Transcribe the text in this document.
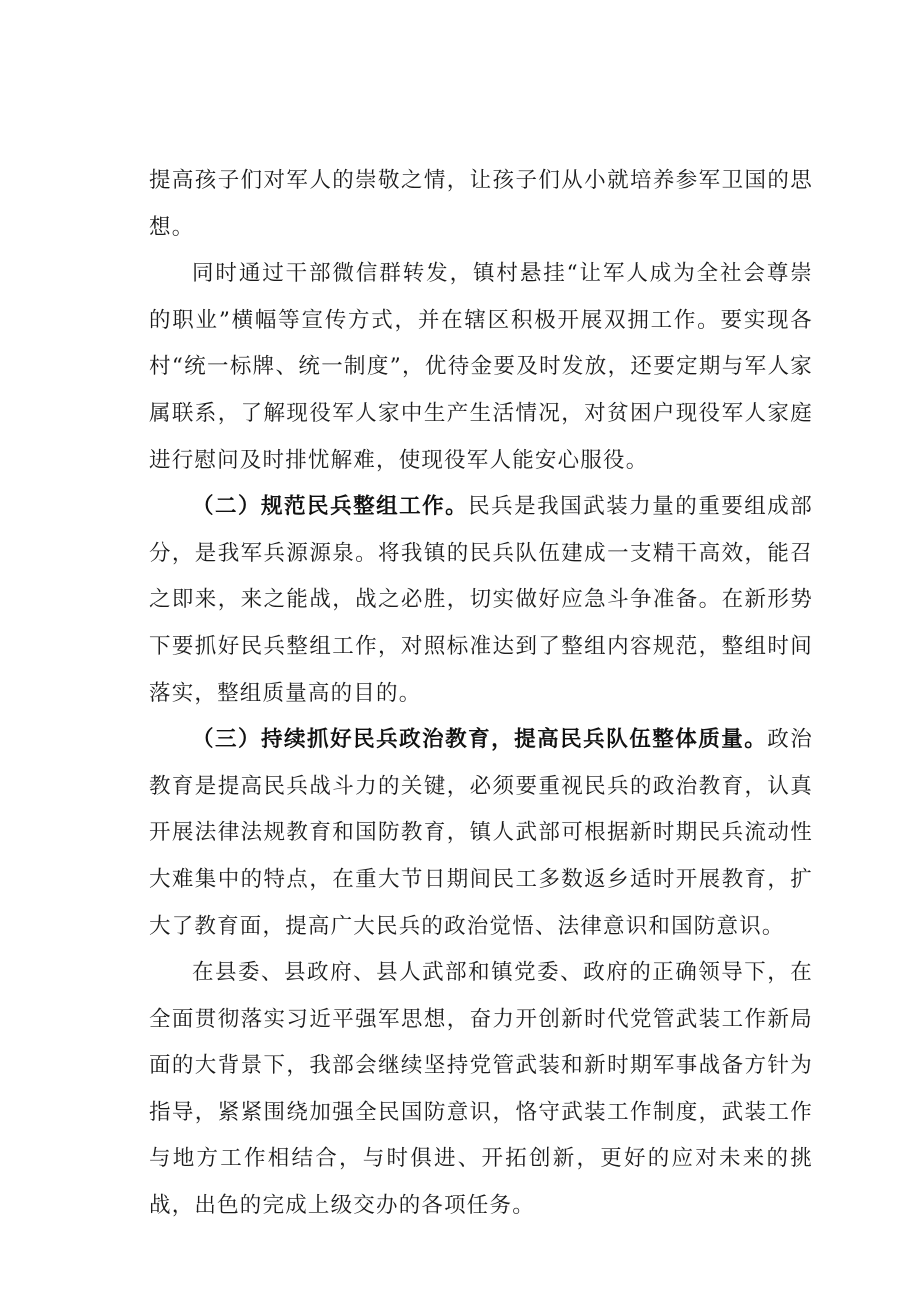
提高孩子们对军人的崇敬之情，让孩子们从小就培养参军卫国的思想。

同时通过干部微信群转发，镇村悬挂“让军人成为全社会尊崇的职业”横幅等宣传方式，并在辖区积极开展双拥工作。要实现各村“统一标牌、统一制度”，优待金要及时发放，还要定期与军人家属联系，了解现役军人家中生产生活情况，对贫困户现役军人家庭进行慰问及时排忧解难，使现役军人能安心服役。

（二）规范民兵整组工作。民兵是我国武装力量的重要组成部分，是我军兵源源泉。将我镇的民兵队伍建成一支精干高效，能召之即来，来之能战，战之必胜，切实做好应急斗争准备。在新形势下要抓好民兵整组工作，对照标准达到了整组内容规范，整组时间落实，整组质量高的目的。

（三）持续抓好民兵政治教育，提高民兵队伍整体质量。政治教育是提高民兵战斗力的关键，必须要重视民兵的政治教育，认真开展法律法规教育和国防教育，镇人武部可根据新时期民兵流动性大难集中的特点，在重大节日期间民工多数返乡适时开展教育，扩大了教育面，提高广大民兵的政治觉悟、法律意识和国防意识。

在县委、县政府、县人武部和镇党委、政府的正确领导下，在全面贯彻落实习近平强军思想，奋力开创新时代党管武装工作新局面的大背景下，我部会继续坚持党管武装和新时期军事战备方针为指导，紧紧围绕加强全民国防意识，恪守武装工作制度，武装工作与地方工作相结合，与时俱进、开拓创新，更好的应对未来的挑战，出色的完成上级交办的各项任务。
